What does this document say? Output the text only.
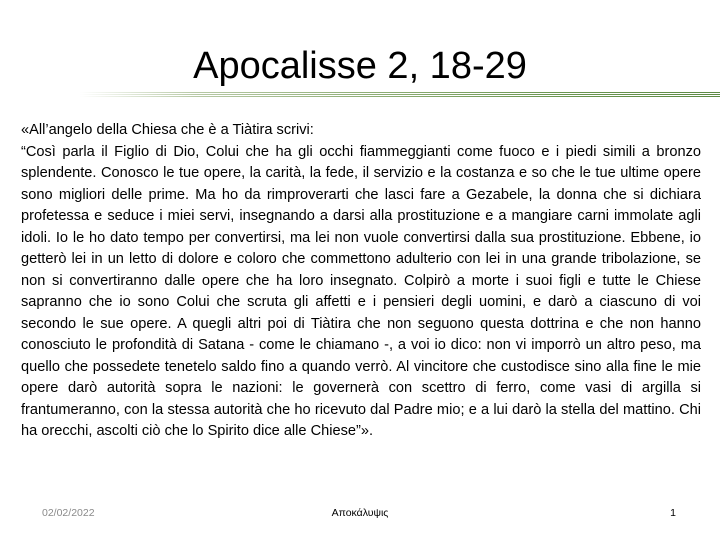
Apocalisse 2, 18-29

«All’angelo della Chiesa che è a Tiàtira scrivi:

“Così parla il Figlio di Dio, Colui che ha gli occhi fiammeggianti come fuoco e i piedi simili a bronzo splendente. Conosco le tue opere, la carità, la fede, il servizio e la costanza e so che le tue ultime opere sono migliori delle prime. Ma ho da rimproverarti che lasci fare a Gezabele, la donna che si dichiara profetessa e seduce i miei servi, insegnando a darsi alla prostituzione e a mangiare carni immolate agli idoli. Io le ho dato tempo per convertirsi, ma lei non vuole convertirsi dalla sua prostituzione. Ebbene, io getterò lei in un letto di dolore e coloro che commettono adulterio con lei in una grande tribolazione, se non si convertiranno dalle opere che ha loro insegnato. Colpirò a morte i suoi figli e tutte le Chiese sapranno che io sono Colui che scruta gli affetti e i pensieri degli uomini, e darò a ciascuno di voi secondo le sue opere. A quegli altri poi di Tiàtira che non seguono questa dottrina e che non hanno conosciuto le profondità di Satana - come le chiamano -, a voi io dico: non vi imporrò un altro peso, ma quello che possedete tenetelo saldo fino a quando verrò. Al vincitore che custodisce sino alla fine le mie opere darò autorità sopra le nazioni: le governerà con scettro di ferro, come vasi di argilla si frantumeranno, con la stessa autorità che ho ricevuto dal Padre mio; e a lui darò la stella del mattino. Chi ha orecchi, ascolti ciò che lo Spirito dice alle Chiese”».

02/02/2022	Αποκάλυψις	1
